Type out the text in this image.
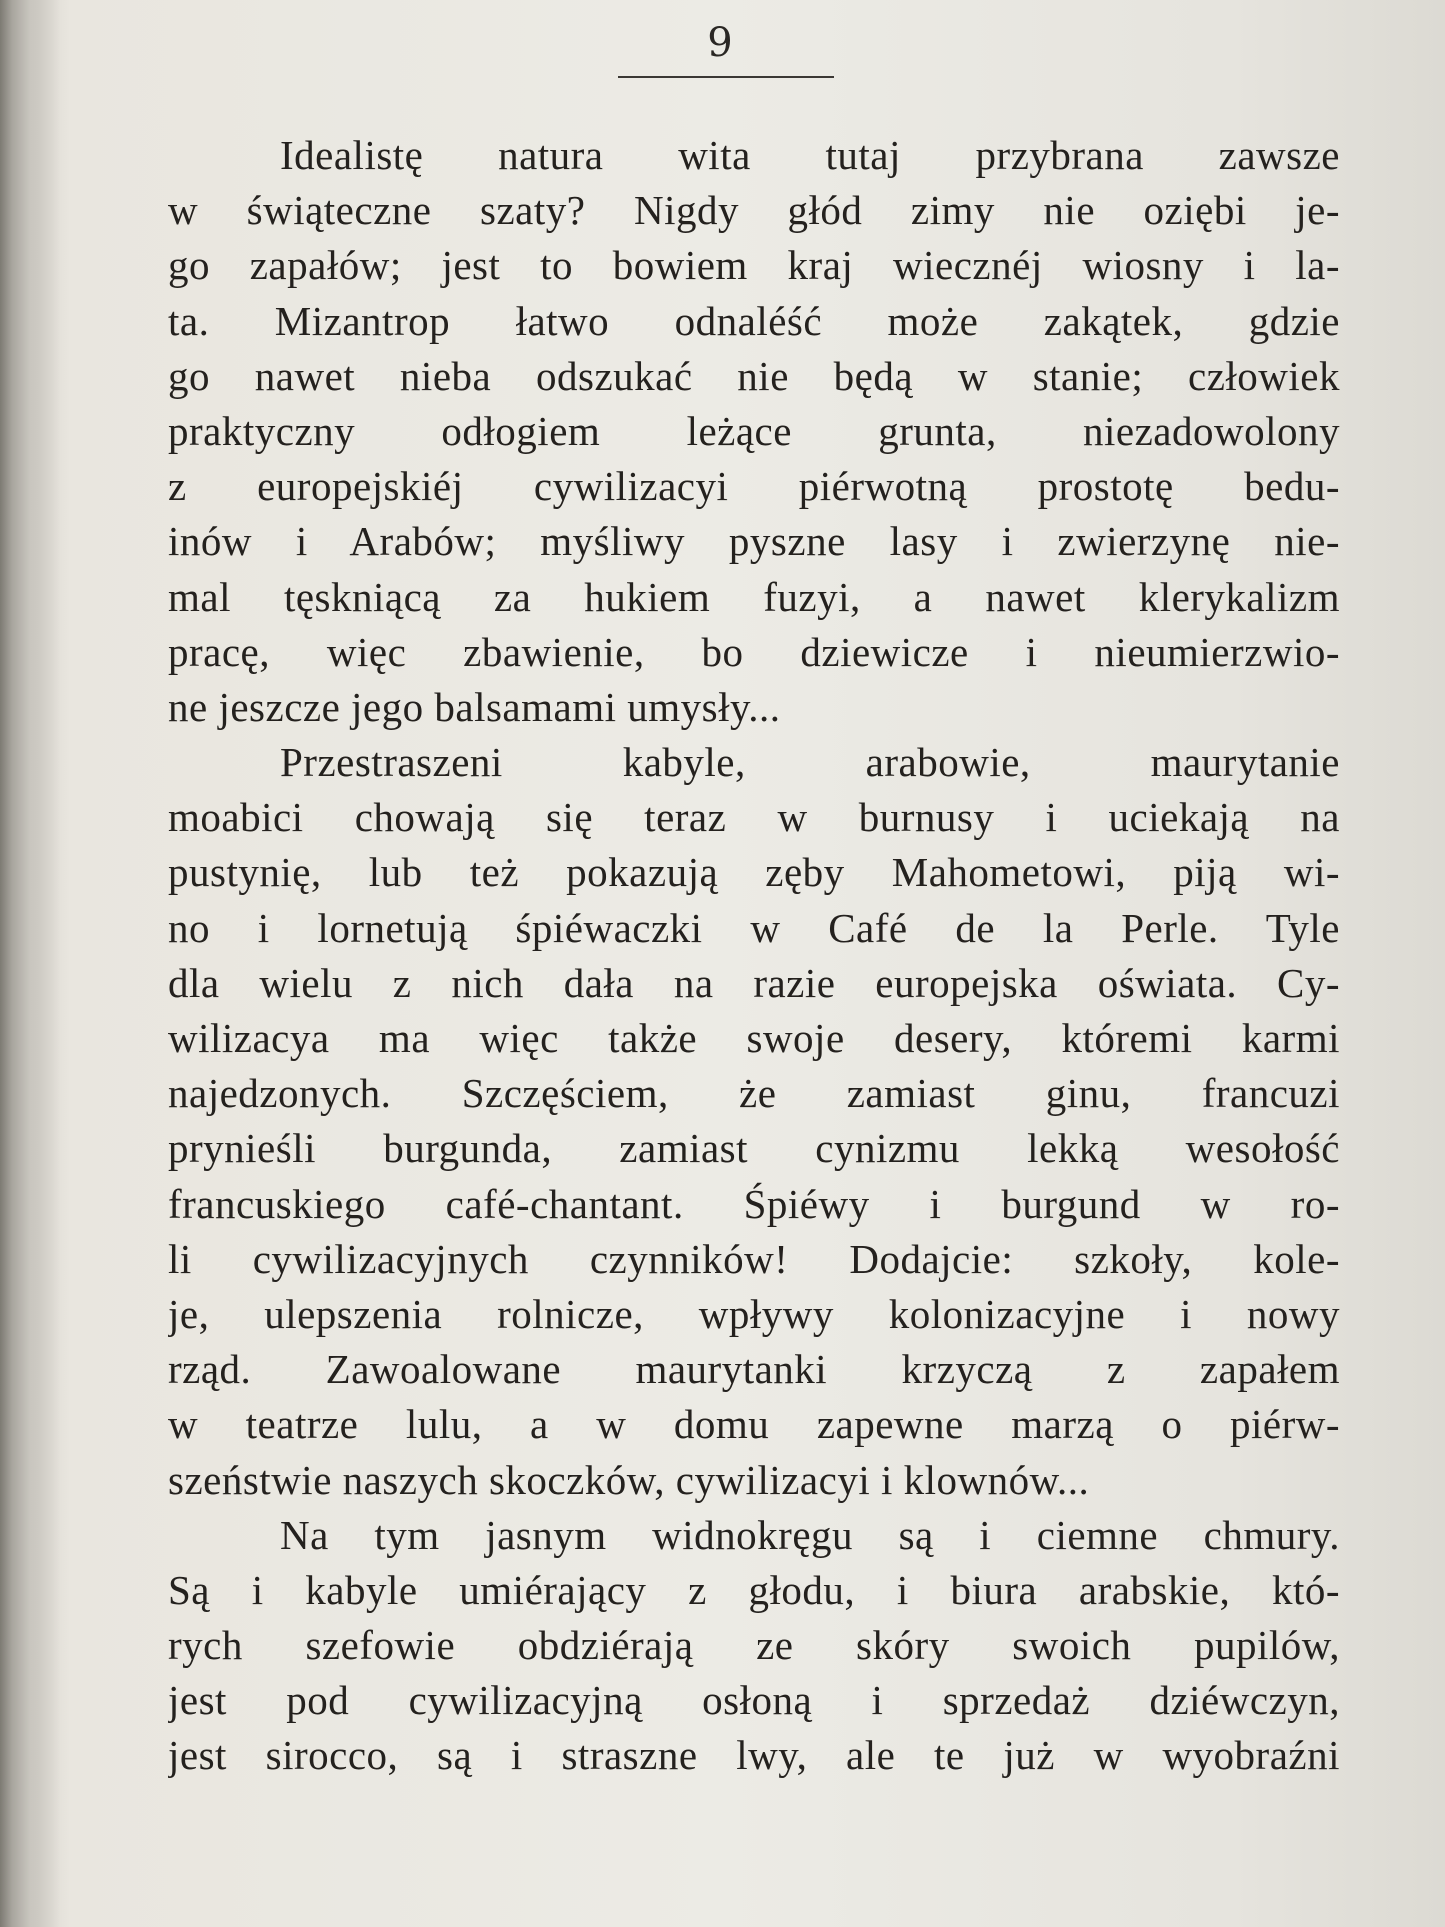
9
Idealistę natura wita tutaj przybrana zawsze
w świąteczne szaty? Nigdy głód zimy nie oziębi je-
go zapałów; jest to bowiem kraj wiecznéj wiosny i la-
ta. Mizantrop łatwo odnaléść może zakątek, gdzie
go nawet nieba odszukać nie będą w stanie; człowiek
praktyczny odłogiem leżące grunta, niezadowolony
z europejskiéj cywilizacyi piérwotną prostotę bedu-
inów i Arabów; myśliwy pyszne lasy i zwierzynę nie-
mal tęskniącą za hukiem fuzyi, a nawet klerykalizm
pracę, więc zbawienie, bo dziewicze i nieumierzwio-
ne jeszcze jego balsamami umysły...
Przestraszeni kabyle, arabowie, maurytanie
moabici chowają się teraz w burnusy i uciekają na
pustynię, lub też pokazują zęby Mahometowi, piją wi-
no i lornetują śpiéwaczki w Café de la Perle. Tyle
dla wielu z nich dała na razie europejska oświata. Cy-
wilizacya ma więc także swoje desery, któremi karmi
najedzonych. Szczęściem, że zamiast ginu, francuzi
prynieśli burgunda, zamiast cynizmu lekką wesołość
francuskiego café-chantant. Śpiéwy i burgund w ro-
li cywilizacyjnych czynników! Dodajcie: szkoły, kole-
je, ulepszenia rolnicze, wpływy kolonizacyjne i nowy
rząd. Zawoalowane maurytanki krzyczą z zapałem
w teatrze lulu, a w domu zapewne marzą o piérw-
szeństwie naszych skoczków, cywilizacyi i klownów...
Na tym jasnym widnokręgu są i ciemne chmury.
Są i kabyle umiérający z głodu, i biura arabskie, któ-
rych szefowie obdziérają ze skóry swoich pupilów,
jest pod cywilizacyjną osłoną i sprzedaż dziéwczyn,
jest sirocco, są i straszne lwy, ale te już w wyobraźni
